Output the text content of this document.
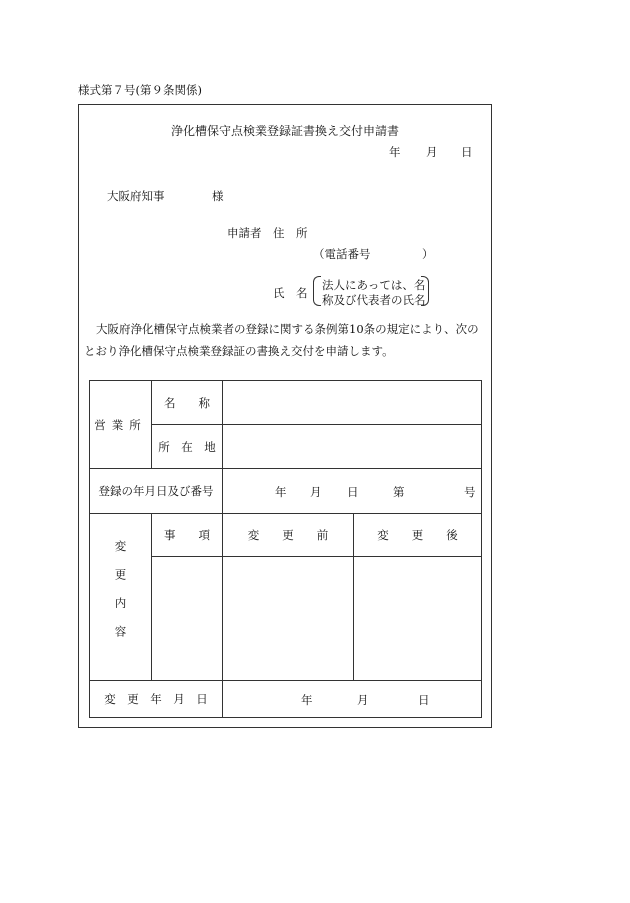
様式第７号(第９条関係)
浄化槽保守点検業登録証書換え交付申請書
年 月 日
大阪府知事	様
申請者 住　所
（電話番号	）
氏　名
法人にあっては、名
称及び代表者の氏名
大阪府浄化槽保守点検業者の登録に関する条例第10条の規定により、次の
とおり浄化槽保守点検業登録証の書換え交付を申請します。
営業所	名　　称		
	所　在　地		
登録の年月日及び番号		年 月 日 第 号	

変更内容	事　　項	変　　更　　前	変　　更　　後

変　更　年　月　日		年 月 日	
